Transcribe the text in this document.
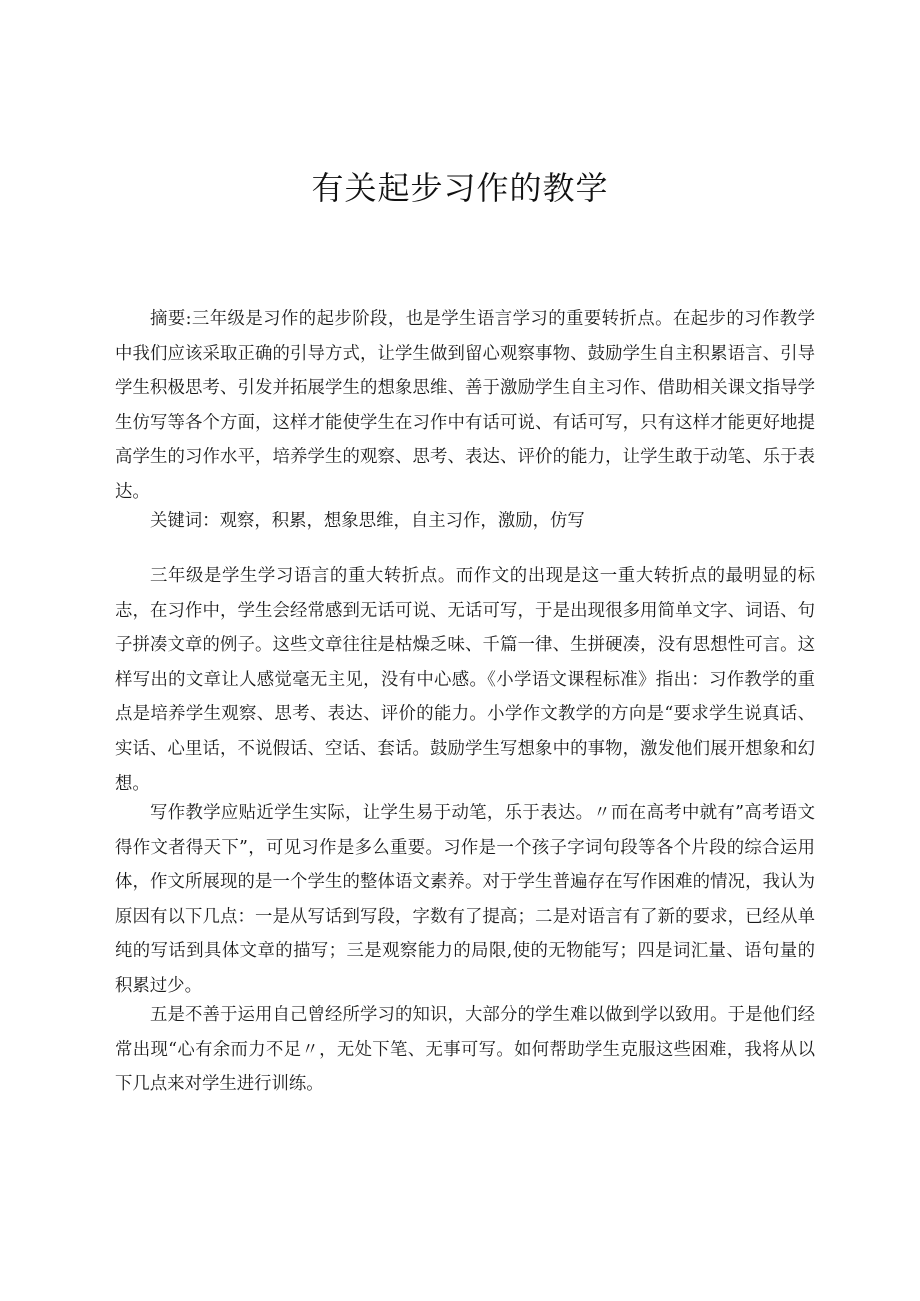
有关起步习作的教学

摘要:三年级是习作的起步阶段，也是学生语言学习的重要转折点。在起步的习作教学中我们应该采取正确的引导方式，让学生做到留心观察事物、鼓励学生自主积累语言、引导学生积极思考、引发并拓展学生的想象思维、善于激励学生自主习作、借助相关课文指导学生仿写等各个方面，这样才能使学生在习作中有话可说、有话可写，只有这样才能更好地提高学生的习作水平，培养学生的观察、思考、表达、评价的能力，让学生敢于动笔、乐于表达。

关键词：观察，积累，想象思维，自主习作，激励，仿写

三年级是学生学习语言的重大转折点。而作文的出现是这一重大转折点的最明显的标志，在习作中，学生会经常感到无话可说、无话可写，于是出现很多用简单文字、词语、句子拼凑文章的例子。这些文章往往是枯燥乏味、千篇一律、生拼硬凑，没有思想性可言。这样写出的文章让人感觉毫无主见，没有中心感。《小学语文课程标准》指出：习作教学的重点是培养学生观察、思考、表达、评价的能力。小学作文教学的方向是“要求学生说真话、实话、心里话，不说假话、空话、套话。鼓励学生写想象中的事物，激发他们展开想象和幻想。

写作教学应贴近学生实际，让学生易于动笔，乐于表达。〃而在高考中就有”高考语文得作文者得天下”，可见习作是多么重要。习作是一个孩子字词句段等各个片段的综合运用体，作文所展现的是一个学生的整体语文素养。对于学生普遍存在写作困难的情况，我认为原因有以下几点：一是从写话到写段，字数有了提高；二是对语言有了新的要求，已经从单纯的写话到具体文章的描写；三是观察能力的局限,使的无物能写；四是词汇量、语句量的积累过少。

五是不善于运用自己曾经所学习的知识，大部分的学生难以做到学以致用。于是他们经常出现“心有余而力不足〃，无处下笔、无事可写。如何帮助学生克服这些困难，我将从以下几点来对学生进行训练。
